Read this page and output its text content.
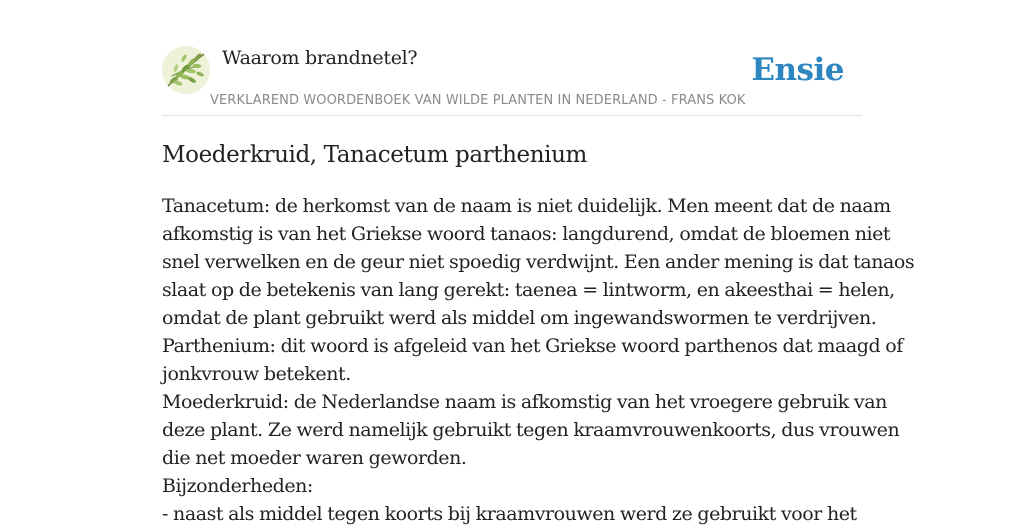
Waarom brandnetel?
VERKLAREND WOORDENBOEK VAN WILDE PLANTEN IN NEDERLAND - FRANS KOK
Ensie
Moederkruid, Tanacetum parthenium
Tanacetum: de herkomst van de naam is niet duidelijk. Men meent dat de naam
afkomstig is van het Griekse woord tanaos: langdurend, omdat de bloemen niet
snel verwelken en de geur niet spoedig verdwijnt. Een ander mening is dat tanaos
slaat op de betekenis van lang gerekt: taenea = lintworm, en akeesthai = helen,
omdat de plant gebruikt werd als middel om ingewandswormen te verdrijven.
Parthenium: dit woord is afgeleid van het Griekse woord parthenos dat maagd of
jonkvrouw betekent.
Moederkruid: de Nederlandse naam is afkomstig van het vroegere gebruik van
deze plant. Ze werd namelijk gebruikt tegen kraamvrouwenkoorts, dus vrouwen
die net moeder waren geworden.
Bijzonderheden:
- naast als middel tegen koorts bij kraamvrouwen werd ze gebruikt voor het
